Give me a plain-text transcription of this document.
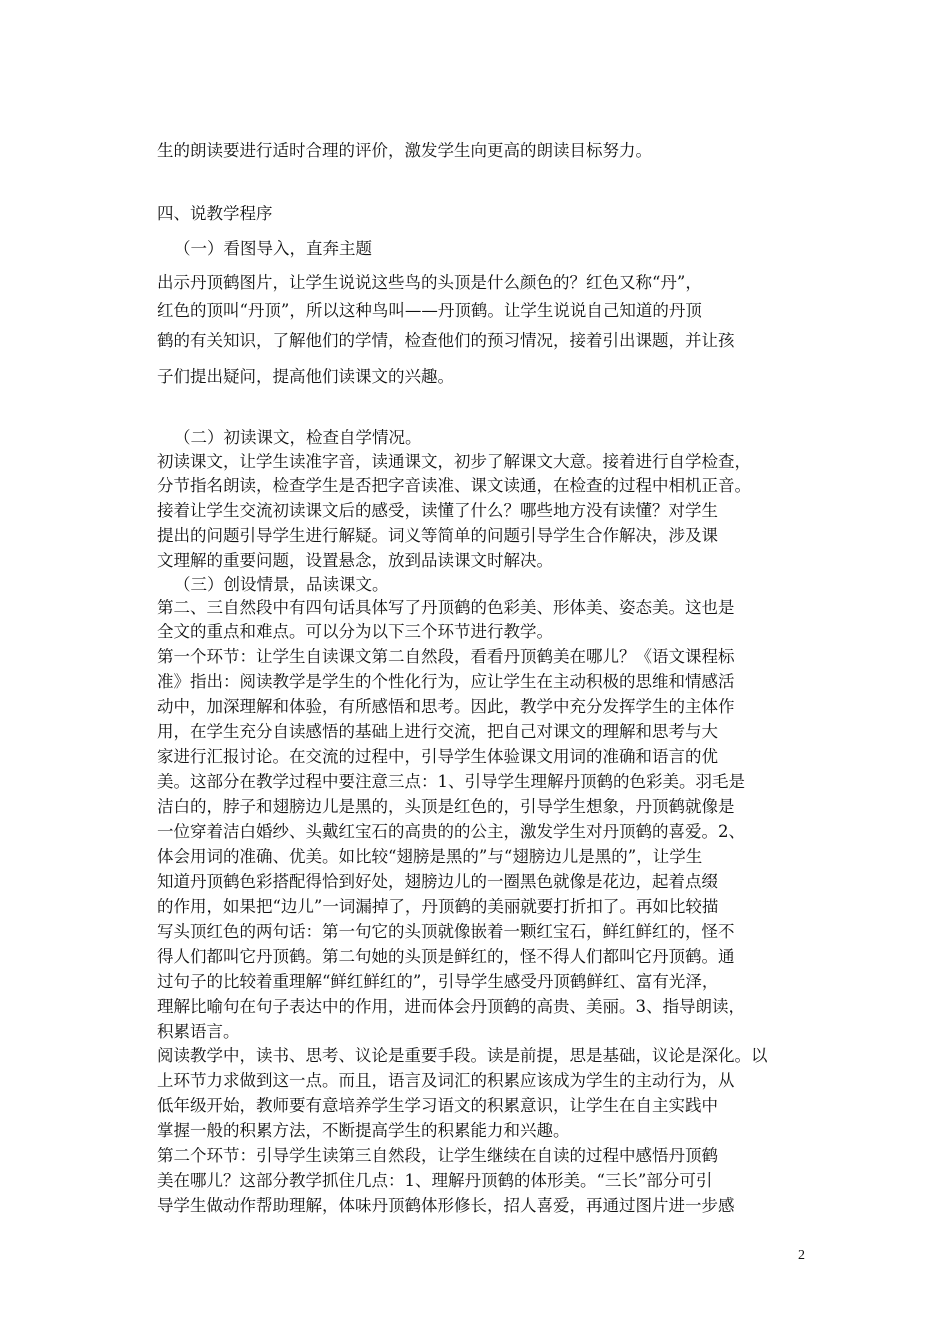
生的朗读要进行适时合理的评价，激发学生向更高的朗读目标努力。
四、说教学程序
（一）看图导入，直奔主题
出示丹顶鹤图片，让学生说说这些鸟的头顶是什么颜色的？红色又称“丹”，
红色的顶叫“丹顶”，所以这种鸟叫——丹顶鹤。让学生说说自己知道的丹顶
鹤的有关知识，了解他们的学情，检查他们的预习情况，接着引出课题，并让孩
子们提出疑问，提高他们读课文的兴趣。
（二）初读课文，检查自学情况。
初读课文，让学生读准字音，读通课文，初步了解课文大意。接着进行自学检查，
分节指名朗读，检查学生是否把字音读准、课文读通，在检查的过程中相机正音。
接着让学生交流初读课文后的感受，读懂了什么？哪些地方没有读懂？对学生
提出的问题引导学生进行解疑。词义等简单的问题引导学生合作解决，涉及课
文理解的重要问题，设置悬念，放到品读课文时解决。
（三）创设情景，品读课文。
第二、三自然段中有四句话具体写了丹顶鹤的色彩美、形体美、姿态美。这也是
全文的重点和难点。可以分为以下三个环节进行教学。
第一个环节：让学生自读课文第二自然段，看看丹顶鹤美在哪儿？《语文课程标
准》指出：阅读教学是学生的个性化行为，应让学生在主动积极的思维和情感活
动中，加深理解和体验，有所感悟和思考。因此，教学中充分发挥学生的主体作
用，在学生充分自读感悟的基础上进行交流，把自己对课文的理解和思考与大
家进行汇报讨论。在交流的过程中，引导学生体验课文用词的准确和语言的优
美。这部分在教学过程中要注意三点：1、引导学生理解丹顶鹤的色彩美。羽毛是
洁白的，脖子和翅膀边儿是黑的，头顶是红色的，引导学生想象，丹顶鹤就像是
一位穿着洁白婚纱、头戴红宝石的高贵的的公主，激发学生对丹顶鹤的喜爱。2、
体会用词的准确、优美。如比较“翅膀是黑的”与“翅膀边儿是黑的”，让学生
知道丹顶鹤色彩搭配得恰到好处，翅膀边儿的一圈黑色就像是花边，起着点缀
的作用，如果把“边儿”一词漏掉了，丹顶鹤的美丽就要打折扣了。再如比较描
写头顶红色的两句话：第一句它的头顶就像嵌着一颗红宝石，鲜红鲜红的，怪不
得人们都叫它丹顶鹤。第二句她的头顶是鲜红的，怪不得人们都叫它丹顶鹤。通
过句子的比较着重理解“鲜红鲜红的”，引导学生感受丹顶鹤鲜红、富有光泽，
理解比喻句在句子表达中的作用，进而体会丹顶鹤的高贵、美丽。3、指导朗读，
积累语言。
阅读教学中，读书、思考、议论是重要手段。读是前提，思是基础，议论是深化。以
上环节力求做到这一点。而且，语言及词汇的积累应该成为学生的主动行为，从
低年级开始，教师要有意培养学生学习语文的积累意识，让学生在自主实践中
掌握一般的积累方法，不断提高学生的积累能力和兴趣。
第二个环节：引导学生读第三自然段，让学生继续在自读的过程中感悟丹顶鹤
美在哪儿？这部分教学抓住几点：1、理解丹顶鹤的体形美。“三长”部分可引
导学生做动作帮助理解，体味丹顶鹤体形修长，招人喜爱，再通过图片进一步感
2
